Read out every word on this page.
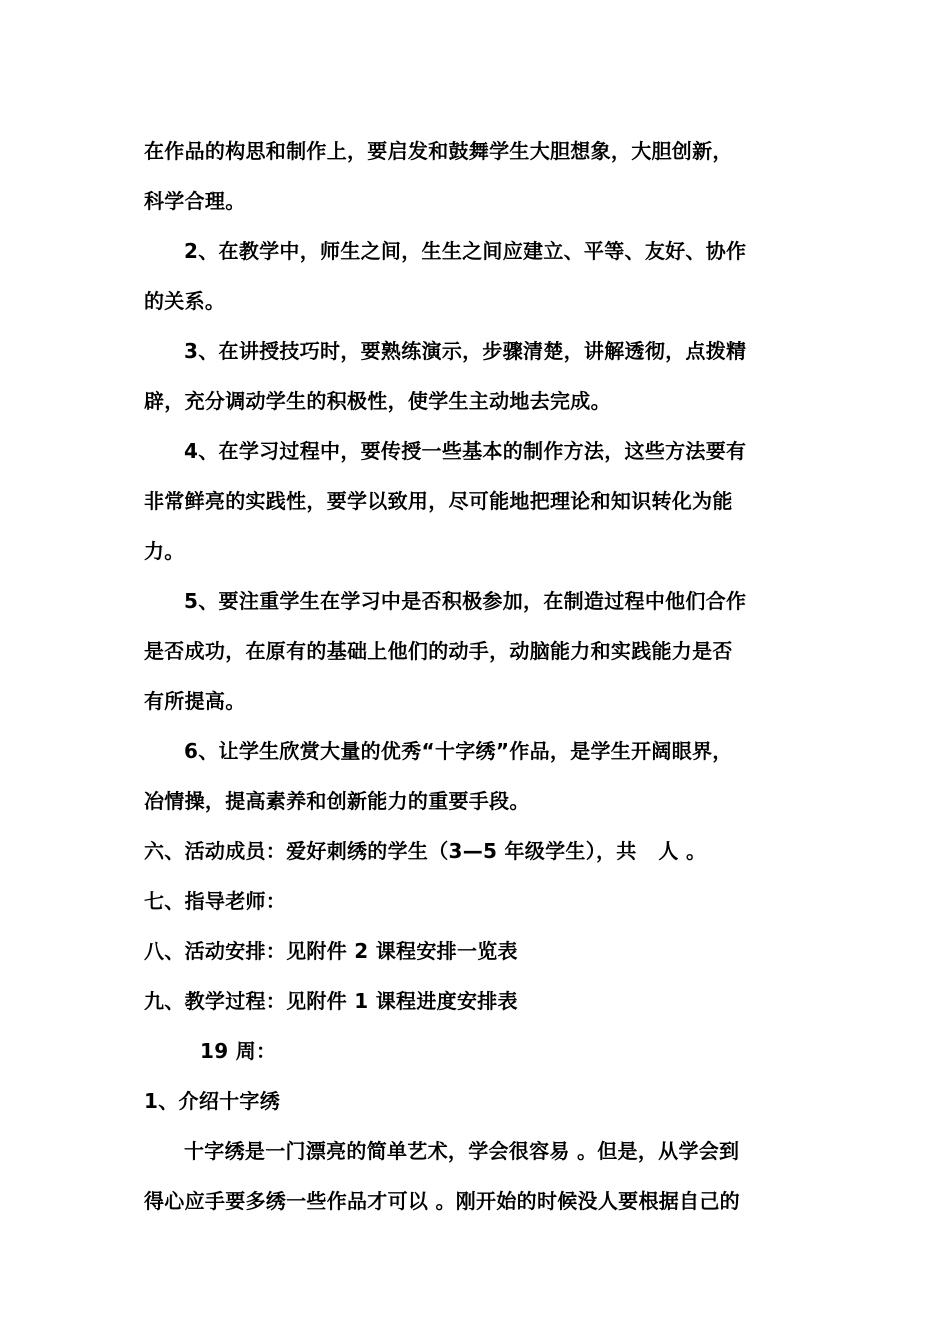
在作品的构思和制作上，要启发和鼓舞学生大胆想象，大胆创新，
科学合理。
2、在教学中，师生之间，生生之间应建立、平等、友好、协作
的关系。
3、在讲授技巧时，要熟练演示，步骤清楚，讲解透彻，点拨精
辟，充分调动学生的积极性，使学生主动地去完成。
4、在学习过程中，要传授一些基本的制作方法，这些方法要有
非常鲜亮的实践性，要学以致用，尽可能地把理论和知识转化为能
力。
5、要注重学生在学习中是否积极参加，在制造过程中他们合作
是否成功，在原有的基础上他们的动手，动脑能力和实践能力是否
有所提高。
6、让学生欣赏大量的优秀“十字绣”作品，是学生开阔眼界，
冶情操，提高素养和创新能力的重要手段。
六、活动成员：爱好刺绣的学生（3—5 年级学生），共   人 。
七、指导老师：
八、活动安排：见附件 2 课程安排一览表
九、教学过程：见附件 1 课程进度安排表
19 周：
1、介绍十字绣
十字绣是一门漂亮的简单艺术，学会很容易 。但是，从学会到
得心应手要多绣一些作品才可以 。刚开始的时候没人要根据自己的
